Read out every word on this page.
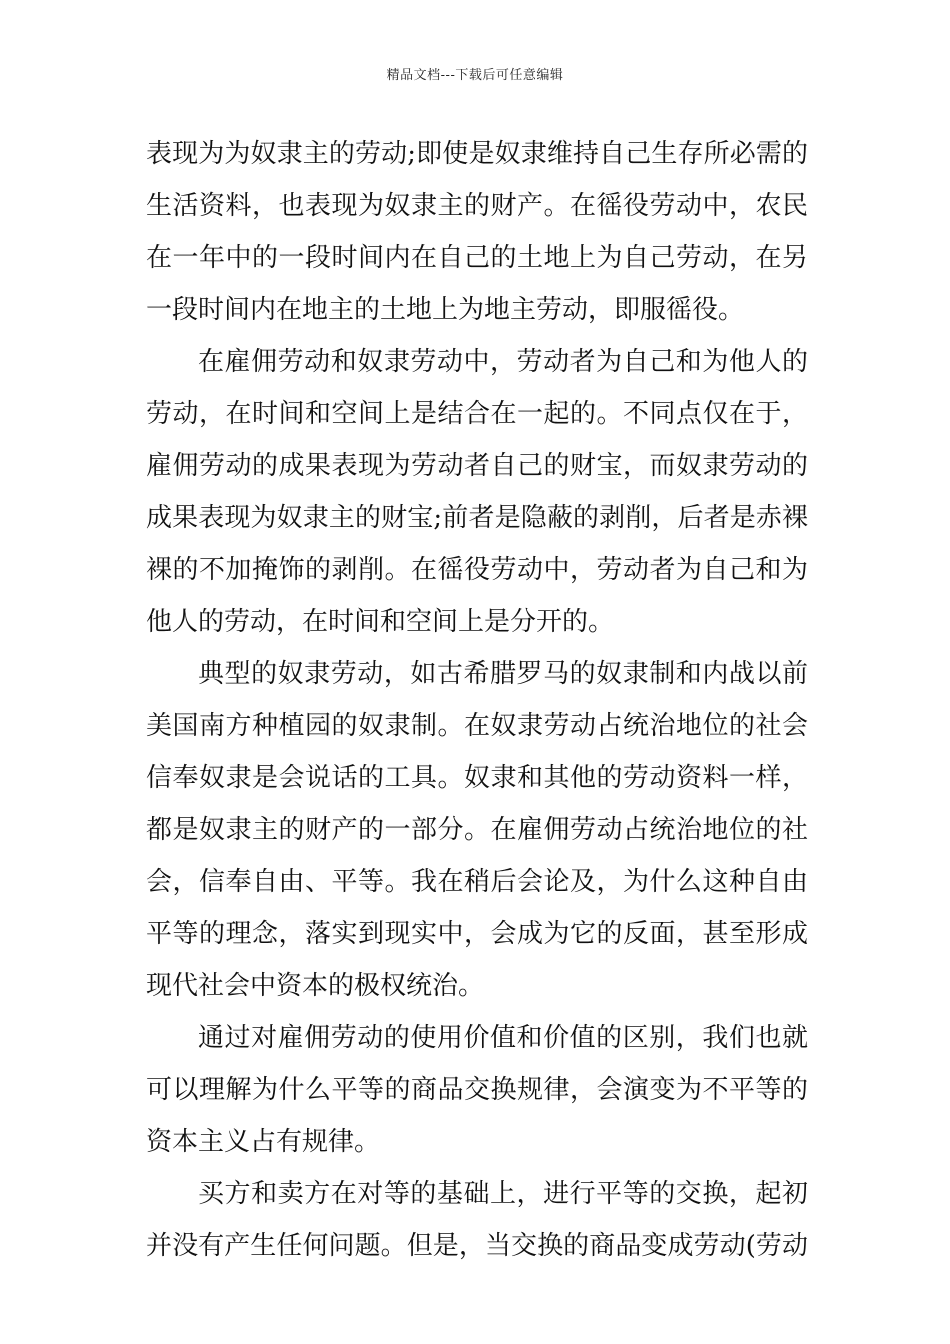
精品文档---下载后可任意编辑
表现为为奴隶主的劳动;即使是奴隶维持自己生存所必需的
生活资料，也表现为奴隶主的财产。在徭役劳动中，农民
在一年中的一段时间内在自己的土地上为自己劳动，在另
一段时间内在地主的土地上为地主劳动，即服徭役。
在雇佣劳动和奴隶劳动中，劳动者为自己和为他人的
劳动，在时间和空间上是结合在一起的。不同点仅在于，
雇佣劳动的成果表现为劳动者自己的财宝，而奴隶劳动的
成果表现为奴隶主的财宝;前者是隐蔽的剥削，后者是赤裸
裸的不加掩饰的剥削。在徭役劳动中，劳动者为自己和为
他人的劳动，在时间和空间上是分开的。
典型的奴隶劳动，如古希腊罗马的奴隶制和内战以前
美国南方种植园的奴隶制。在奴隶劳动占统治地位的社会
信奉奴隶是会说话的工具。奴隶和其他的劳动资料一样，
都是奴隶主的财产的一部分。在雇佣劳动占统治地位的社
会，信奉自由、平等。我在稍后会论及，为什么这种自由
平等的理念，落实到现实中，会成为它的反面，甚至形成
现代社会中资本的极权统治。
通过对雇佣劳动的使用价值和价值的区别，我们也就
可以理解为什么平等的商品交换规律，会演变为不平等的
资本主义占有规律。
买方和卖方在对等的基础上，进行平等的交换，起初
并没有产生任何问题。但是，当交换的商品变成劳动(劳动
